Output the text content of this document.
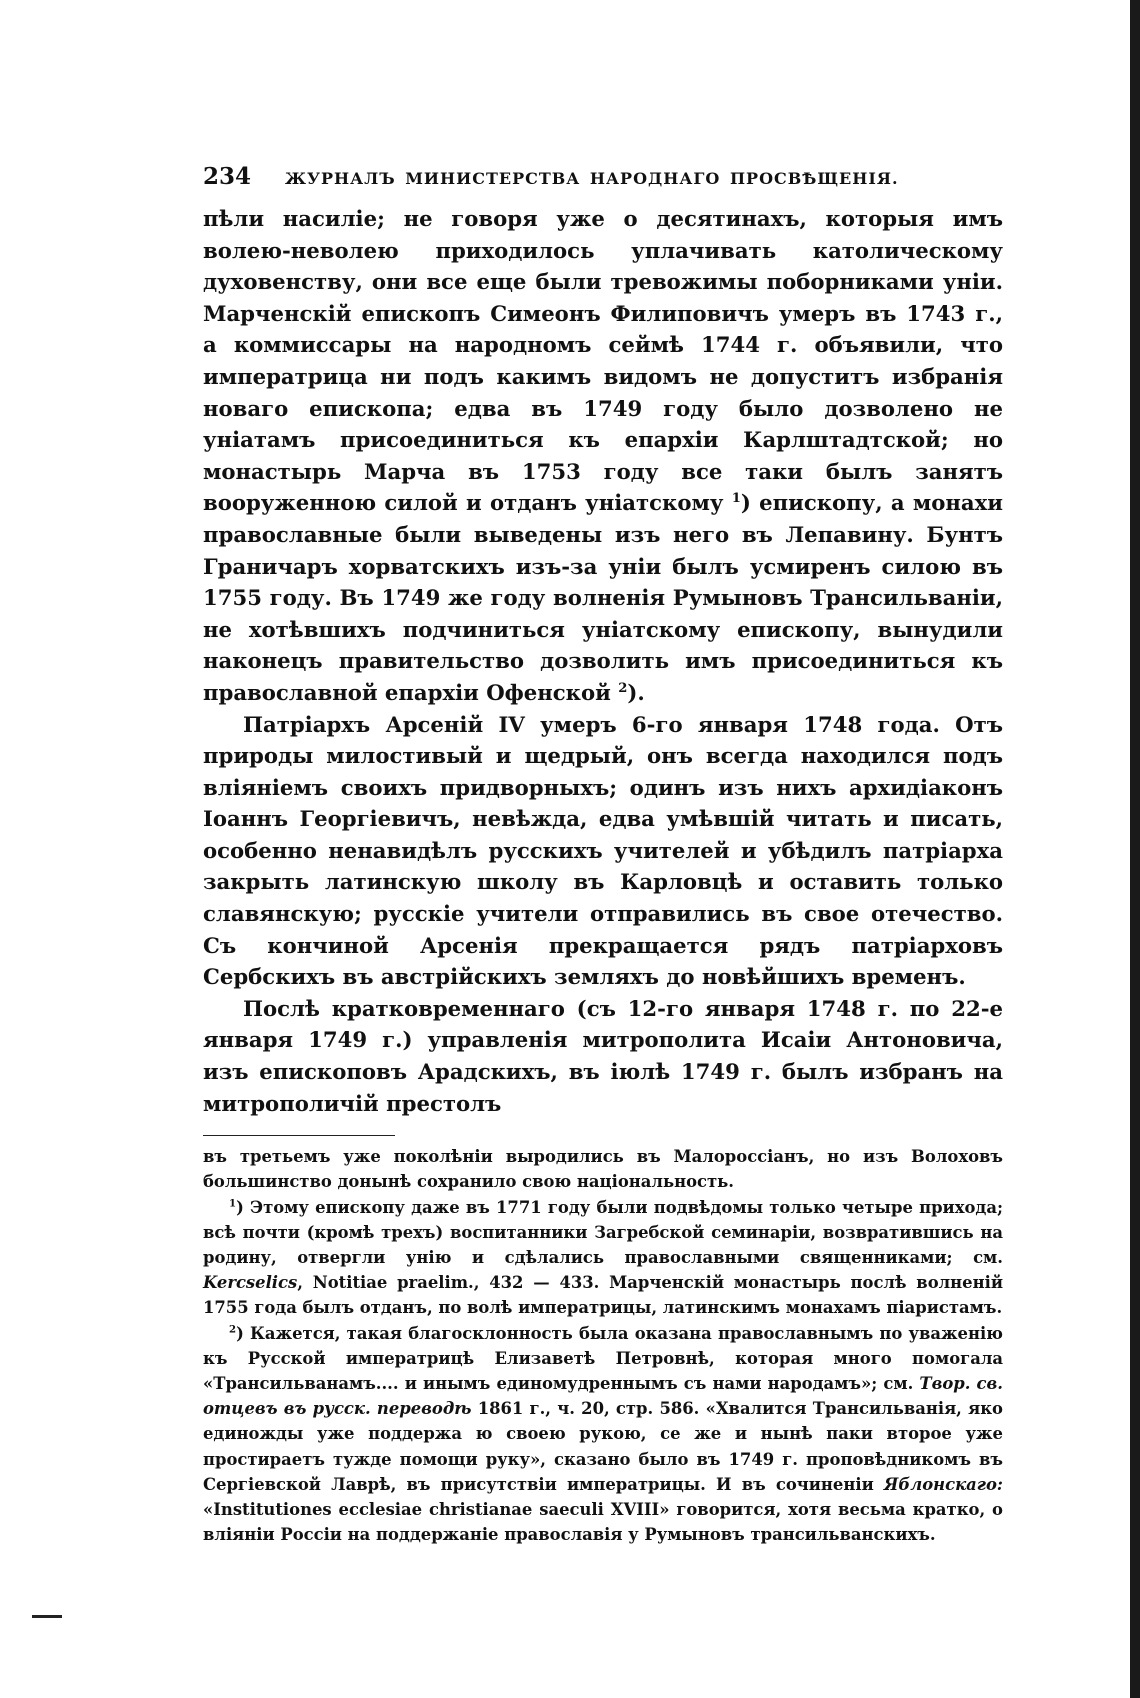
234 ЖУРНАЛЪ МИНИСТЕРСТВА НАРОДНАГО ПРОСВѢЩЕНІЯ.

пѣли насиліе; не говоря уже о десятинахъ, которыя имъ волею-неволею приходилось уплачивать католическому духовенству, они все еще были тревожимы поборниками уніи. Марченскій епископъ Симеонъ Филиповичъ умеръ въ 1743 г., а коммиссары на народномъ сеймѣ 1744 г. объявили, что императрица ни подъ какимъ видомъ не допуститъ избранія новаго епископа; едва въ 1749 году было дозволено не уніатамъ присоединиться къ епархіи Карлштадтской; но монастырь Марча въ 1753 году все таки былъ занятъ вооруженною силой и отданъ уніатскому $^1$) епископу, а монахи православные были выведены изъ него въ Лепавину. Бунтъ Граничаръ хорватскихъ изъ-за уніи былъ усмиренъ силою въ 1755 году. Въ 1749 же году волненія Румыновъ Трансильваніи, не хотѣвшихъ подчиниться уніатскому епископу, вынудили наконецъ правительство дозволить имъ присоединиться къ православной епархіи Офенской $^2$).

Патріархъ Арсеній IV умеръ 6-го января 1748 года. Отъ природы милостивый и щедрый, онъ всегда находился подъ вліяніемъ своихъ придворныхъ; одинъ изъ нихъ архидіаконъ Іоаннъ Георгіевичъ, невѣжда, едва умѣвшій читать и писать, особенно ненавидѣлъ русскихъ учителей и убѣдилъ патріарха закрыть латинскую школу въ Карловцѣ и оставить только славянскую; русскіе учители отправились въ свое отечество. Съ кончиной Арсенія прекращается рядъ патріарховъ Сербскихъ въ австрійскихъ земляхъ до новѣйшихъ временъ.

Послѣ кратковременнаго (съ 12-го января 1748 г. по 22-е января 1749 г.) управленія митрополита Исаіи Антоновича, изъ епископовъ Арадскихъ, въ іюлѣ 1749 г. былъ избранъ на митрополичій престолъ

въ третьемъ уже поколѣніи выродились въ Малороссіанъ, но изъ Волоховъ большинство донынѣ сохранило свою національность.

$^1$) Этому епископу даже въ 1771 году были подвѣдомы только четыре прихода; всѣ почти (кромѣ трехъ) воспитанники Загребской семинаріи, возвратившись на родину, отвергли унію и сдѣлались православными священниками; см. Kercselics, Notitiae praelim., 432 — 433. Марченскій монастырь послѣ волненій 1755 года былъ отданъ, по волѣ императрицы, латинскимъ монахамъ піаристамъ.

$^2$) Кажется, такая благосклонность была оказана православнымъ по уваженію къ Русской императрицѣ Елизаветѣ Петровнѣ, которая много помогала «Трансильванамъ.... и инымъ единомудреннымъ съ нами народамъ»; см. Твор. св. отцевъ въ русск. переводѣ 1861 г., ч. 20, стр. 586. «Хвалится Трансильванія, яко единожды уже поддержа ю своею рукою, се же и нынѣ паки второе уже простираетъ тужде помощи руку», сказано было въ 1749 г. проповѣдникомъ въ Сергіевской Лаврѣ, въ присутствіи императрицы. И въ сочиненіи Яблонскаго: «Institutiones ecclesiae christianae saeculi XVIII» говорится, хотя весьма кратко, о вліяніи Россіи на поддержаніе православія у Румыновъ трансильванскихъ.
